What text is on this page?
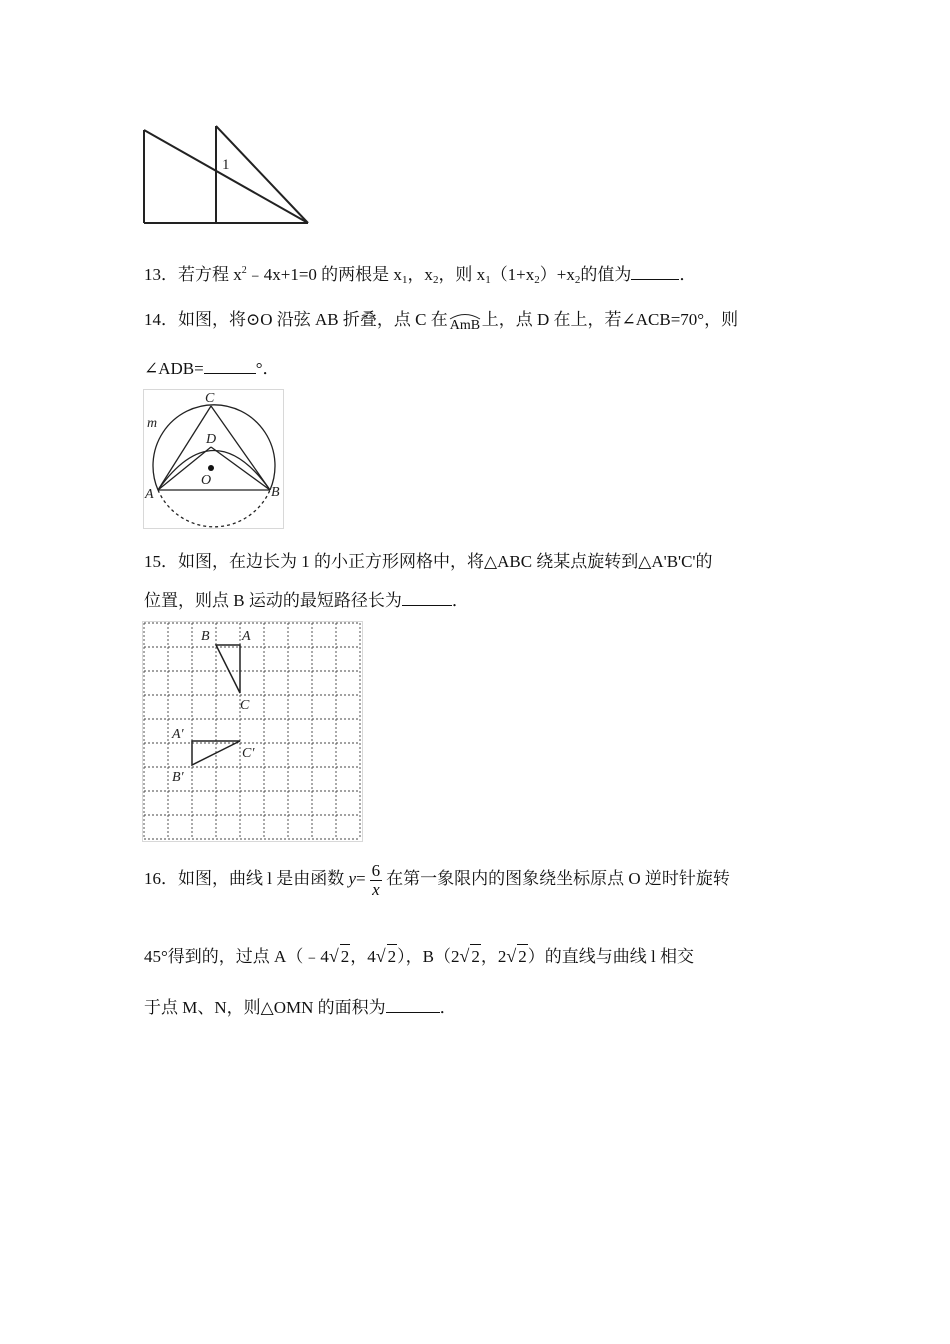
1
13．若方程 $x^2﹣4x+1=0$ 的两根是 $x_1$，$x_2$，则 $x_1(1+x_2)+x_2$的值为	．
14．如图，将⊙O 沿弦 AB 折叠，点 C 在 AmB 上，点 D 在上，若∠ACB=70°，则
∠ADB=	°．
C
m
D
O
A	B
15．如图，在边长为 1 的小正方形网格中，将△ABC 绕某点旋转到△A'B'C'的
位置，则点 B 运动的最短路径长为	．
B A
C
A′
C′
B′
16．如图，曲线 l 是由函数 $y= \frac{6}{x}$ 在第一象限内的图象绕坐标原点 O 逆时针旋转
45°得到的，过点 A（﹣4√ 2，4√ 2），B（2√ 2，2√ 2）的直线与曲线 l 相交
于点 M、N，则△OMN 的面积为	．
